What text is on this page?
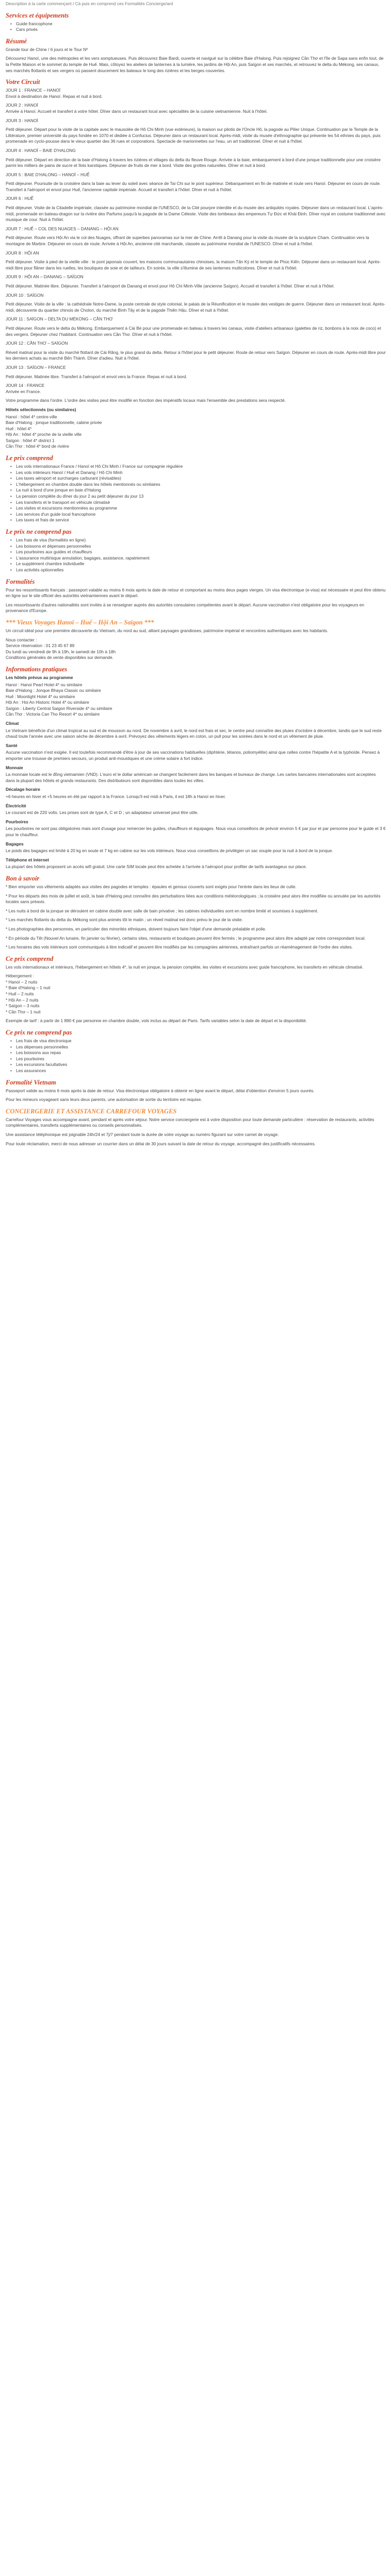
Description à la carte commençant / Cà puis en comprend ces Formalités Concierge/ard
Services et équipements
• Guide francophone
• Cars privés
Résumé

Grande tour de Chine / 6 jours et le Tour Nº

Découvrez Hanoï, une des métropoles et les vers somptueuses. Puis découvrez Baie Bardi, ouverte et navigué sur la célèbre Baie d'Halong. Puis rejoignez Cần Thơ et l'île de Sapa sans enfin tout, de la Petite Maison et le sommet du temple de Huế. Mais, côtoyez les ateliers de lanternes à la lumière, les jardins de Hội An, puis Saïgon et ses marchés, et retrouvez le delta du Mékong, ses canaux, ses marchés flottants et ses vergers où passent doucement les bateaux le long des rizières et les berges couvertes.

Votre Circuit
JOUR 1 : FRANCE – HANOÏ
Envol à destination de Hanoï. Repas et nuit à bord.
JOUR 2 : HANOÏ
Arrivée à Hanoï. Accueil et transfert à votre hôtel. Dîner dans un restaurant local avec spécialités de la cuisine vietnamienne. Nuit à l'hôtel.
JOUR 3 : HANOÏ

Petit déjeuner. Départ pour la visite de la capitale avec le mausolée de Hô Chi Minh (vue extérieure), la maison sur pilotis de l'Oncle Hô, la pagode au Pilier Unique. Continuation par le Temple de la Littérature, premier université du pays fondée en 1070 et dédiée à Confucius. Déjeuner dans un restaurant local. Après-midi, visite du musée d'ethnographie qui présente les 54 ethnies du pays, puis promenade en cyclo-pousse dans le vieux quartier des 36 rues et corporations. Spectacle de marionnettes sur l'eau, un art traditionnel. Dîner et nuit à l'hôtel.

JOUR 4 : HANOÏ – BAIE D'HALONG

Petit déjeuner. Départ en direction de la baie d'Halong à travers les rizières et villages du delta du fleuve Rouge. Arrivée à la baie, embarquement à bord d'une jonque traditionnelle pour une croisière parmi les milliers de pains de sucre et îlots karstiques. Déjeuner de fruits de mer à bord. Visite des grottes naturelles. Dîner et nuit à bord.

JOUR 5 : BAIE D'HALONG – HANOÏ – HUẾ

Petit déjeuner. Poursuite de la croisière dans la baie au lever du soleil avec séance de Tai Chi sur le pont supérieur. Débarquement en fin de matinée et route vers Hanoï. Déjeuner en cours de route. Transfert à l'aéroport et envol pour Huế, l'ancienne capitale impériale. Accueil et transfert à l'hôtel. Dîner et nuit à l'hôtel.

JOUR 6 : HUẾ

Petit déjeuner. Visite de la Citadelle impériale, classée au patrimoine mondial de l'UNESCO, de la Cité pourpre interdite et du musée des antiquités royales. Déjeuner dans un restaurant local. L'après-midi, promenade en bateau-dragon sur la rivière des Parfums jusqu'à la pagode de la Dame Céleste. Visite des tombeaux des empereurs Tự Đức et Khải Định. Dîner royal en costume traditionnel avec musique de cour. Nuit à l'hôtel.

JOUR 7 : HUẾ – COL DES NUAGES – DANANG – HỘI AN

Petit déjeuner. Route vers Hội An via le col des Nuages, offrant de superbes panoramas sur la mer de Chine. Arrêt à Danang pour la visite du musée de la sculpture Cham. Continuation vers la montagne de Marbre. Déjeuner en cours de route. Arrivée à Hội An, ancienne cité marchande, classée au patrimoine mondial de l'UNESCO. Dîner et nuit à l'hôtel.

JOUR 8 : HỘI AN

Petit déjeuner. Visite à pied de la vieille ville : le pont japonais couvert, les maisons communautaires chinoises, la maison Tấn Ký et le temple de Phúc Kiến. Déjeuner dans un restaurant local. Après-midi libre pour flâner dans les ruelles, les boutiques de soie et de tailleurs. En soirée, la ville s'illumine de ses lanternes multicolores. Dîner et nuit à l'hôtel.

JOUR 9 : HỘI AN – DANANG – SAÏGON

Petit déjeuner. Matinée libre. Déjeuner. Transfert à l'aéroport de Danang et envol pour Hô Chi Minh-Ville (ancienne Saïgon). Accueil et transfert à l'hôtel. Dîner et nuit à l'hôtel.

JOUR 10 : SAÏGON

Petit déjeuner. Visite de la ville : la cathédrale Notre-Dame, la poste centrale de style colonial, le palais de la Réunification et le musée des vestiges de guerre. Déjeuner dans un restaurant local. Après-midi, découverte du quartier chinois de Cholon, du marché Bình Tây et de la pagode Thiên Hậu. Dîner et nuit à l'hôtel.

JOUR 11 : SAÏGON – DELTA DU MÉKONG – CẦN THƠ

Petit déjeuner. Route vers le delta du Mékong. Embarquement à Cái Bè pour une promenade en bateau à travers les canaux, visite d'ateliers artisanaux (galettes de riz, bonbons à la noix de coco) et des vergers. Déjeuner chez l'habitant. Continuation vers Cần Thơ. Dîner et nuit à l'hôtel.

JOUR 12 : CẦN THƠ – SAÏGON

Réveil matinal pour la visite du marché flottant de Cái Răng, le plus grand du delta. Retour à l'hôtel pour le petit déjeuner. Route de retour vers Saïgon. Déjeuner en cours de route. Après-midi libre pour les derniers achats au marché Bến Thành. Dîner d'adieu. Nuit à l'hôtel.

JOUR 13 : SAÏGON – FRANCE

Petit déjeuner. Matinée libre. Transfert à l'aéroport et envol vers la France. Repas et nuit à bord.

JOUR 14 : FRANCE
Arrivée en France.

Votre programme dans l'ordre. L'ordre des visites peut être modifié en fonction des impératifs locaux mais l'ensemble des prestations sera respecté.

Hôtels sélectionnés (ou similaires)
Hanoï : hôtel 4* centre-ville
Baie d'Halong : jonque traditionnelle, cabine privée
Huế : hôtel 4*
Hội An : hôtel 4* proche de la vieille ville
Saïgon : hôtel 4* district 1
Cần Thơ : hôtel 4* bord de rivière
Le prix comprend
• Les vols internationaux France / Hanoï et Hô Chi Minh / France sur compagnie régulière
• Les vols intérieurs Hanoï / Huế et Danang / Hô Chi Minh
• Les taxes aéroport et surcharges carburant (révisables)
• L'hébergement en chambre double dans les hôtels mentionnés ou similaires
• La nuit à bord d'une jonque en baie d'Halong
• La pension complète du dîner du jour 2 au petit déjeuner du jour 13
• Les transferts et le transport en véhicule climatisé
• Les visites et excursions mentionnées au programme
• Les services d'un guide local francophone
• Les taxes et frais de service
Le prix ne comprend pas
• Les frais de visa (formalités en ligne)
• Les boissons et dépenses personnelles
• Les pourboires aux guides et chauffeurs
• L'assurance multirisque annulation, bagages, assistance, rapatriement
• Le supplément chambre individuelle
• Les activités optionnelles
Formalités

Pour les ressortissants français : passeport valable au moins 6 mois après la date de retour et comportant au moins deux pages vierges. Un visa électronique (e-visa) est nécessaire et peut être obtenu en ligne sur le site officiel des autorités vietnamiennes avant le départ.

Les ressortissants d'autres nationalités sont invités à se renseigner auprès des autorités consulaires compétentes avant le départ. Aucune vaccination n'est obligatoire pour les voyageurs en provenance d'Europe.

*** Vieux Voyages Hanoï – Huế – Hội An – Saïgon ***

Un circuit idéal pour une première découverte du Vietnam, du nord au sud, alliant paysages grandioses, patrimoine impérial et rencontres authentiques avec les habitants.

Nous contacter :
Service réservation : 01 23 45 67 89
Du lundi au vendredi de 9h à 19h, le samedi de 10h à 18h
Conditions générales de vente disponibles sur demande.
Informations pratiques
Les hôtels prévus au programme
Hanoï : Hanoi Pearl Hotel 4* ou similaire
Baie d'Halong : Jonque Bhaya Classic ou similaire
Huế : Moonlight Hotel 4* ou similaire
Hội An : Hoi An Historic Hotel 4* ou similaire
Saïgon : Liberty Central Saigon Riverside 4* ou similaire
Cần Thơ : Victoria Can Tho Resort 4* ou similaire
Climat

Le Vietnam bénéficie d'un climat tropical au sud et de mousson au nord. De novembre à avril, le nord est frais et sec, le centre peut connaître des pluies d'octobre à décembre, tandis que le sud reste chaud toute l'année avec une saison sèche de décembre à avril. Prévoyez des vêtements légers en coton, un pull pour les soirées dans le nord et un vêtement de pluie.

Santé

Aucune vaccination n'est exigée. Il est toutefois recommandé d'être à jour de ses vaccinations habituelles (diphtérie, tétanos, poliomyélite) ainsi que celles contre l'hépatite A et la typhoïde. Pensez à emporter une trousse de premiers secours, un produit anti-moustiques et une crème solaire à fort indice.

Monnaie

La monnaie locale est le đồng vietnamien (VND). L'euro et le dollar américain se changent facilement dans les banques et bureaux de change. Les cartes bancaires internationales sont acceptées dans la plupart des hôtels et grands restaurants. Des distributeurs sont disponibles dans toutes les villes.

Décalage horaire

+6 heures en hiver et +5 heures en été par rapport à la France. Lorsqu'il est midi à Paris, il est 18h à Hanoï en hiver.

Électricité

Le courant est de 220 volts. Les prises sont de type A, C et D ; un adaptateur universel peut être utile.

Pourboires

Les pourboires ne sont pas obligatoires mais sont d'usage pour remercier les guides, chauffeurs et équipages. Nous vous conseillons de prévoir environ 5 € par jour et par personne pour le guide et 3 € pour le chauffeur.

Bagages

Le poids des bagages est limité à 20 kg en soute et 7 kg en cabine sur les vols intérieurs. Nous vous conseillons de privilégier un sac souple pour la nuit à bord de la jonque.

Téléphone et internet

La plupart des hôtels proposent un accès wifi gratuit. Une carte SIM locale peut être achetée à l'arrivée à l'aéroport pour profiter de tarifs avantageux sur place.

Bon à savoir

* Bien emporter vos vêtements adaptés aux visites des pagodes et temples : épaules et genoux couverts sont exigés pour l'entrée dans les lieux de culte.

* Pour les départs des mois de juillet et août, la baie d'Halong peut connaître des perturbations liées aux conditions météorologiques ; la croisière peut alors être modifiée ou annulée par les autorités locales sans préavis.

* Les nuits à bord de la jonque se déroulent en cabine double avec salle de bain privative ; les cabines individuelles sont en nombre limité et soumises à supplément.

* Les marchés flottants du delta du Mékong sont plus animés tôt le matin ; un réveil matinal est donc prévu le jour de la visite.

* Les photographies des personnes, en particulier des minorités ethniques, doivent toujours faire l'objet d'une demande préalable et polie.

* En période du Têt (Nouvel An lunaire, fin janvier ou février), certains sites, restaurants et boutiques peuvent être fermés ; le programme peut alors être adapté par notre correspondant local.

* Les horaires des vols intérieurs sont communiqués à titre indicatif et peuvent être modifiés par les compagnies aériennes, entraînant parfois un réaménagement de l'ordre des visites.

Ce prix comprend

Les vols internationaux et intérieurs, l'hébergement en hôtels 4*, la nuit en jonque, la pension complète, les visites et excursions avec guide francophone, les transferts en véhicule climatisé.

Hébergement :
* Hanoï – 2 nuits
* Baie d'Halong – 1 nuit
* Huế – 2 nuits
* Hội An – 2 nuits
* Saïgon – 3 nuits
* Cần Thơ – 1 nuit

Exemple de tarif : à partir de 1 890 € par personne en chambre double, vols inclus au départ de Paris. Tarifs variables selon la date de départ et la disponibilité.

Ce prix ne comprend pas
• Les frais de visa électronique
• Les dépenses personnelles
• Les boissons aux repas
• Les pourboires
• Les excursions facultatives
• Les assurances
Formalité Vietnam

Passeport valide au moins 6 mois après la date de retour. Visa électronique obligatoire à obtenir en ligne avant le départ, délai d'obtention d'environ 5 jours ouvrés.

Pour les mineurs voyageant sans leurs deux parents, une autorisation de sortie du territoire est requise.

CONCIERGERIE ET ASSISTANCE CARREFOUR VOYAGES

Carrefour Voyages vous accompagne avant, pendant et après votre séjour. Notre service conciergerie est à votre disposition pour toute demande particulière : réservation de restaurants, activités complémentaires, transferts supplémentaires ou conseils personnalisés.

Une assistance téléphonique est joignable 24h/24 et 7j/7 pendant toute la durée de votre voyage au numéro figurant sur votre carnet de voyage.

Pour toute réclamation, merci de nous adresser un courrier dans un délai de 30 jours suivant la date de retour du voyage, accompagné des justificatifs nécessaires.
